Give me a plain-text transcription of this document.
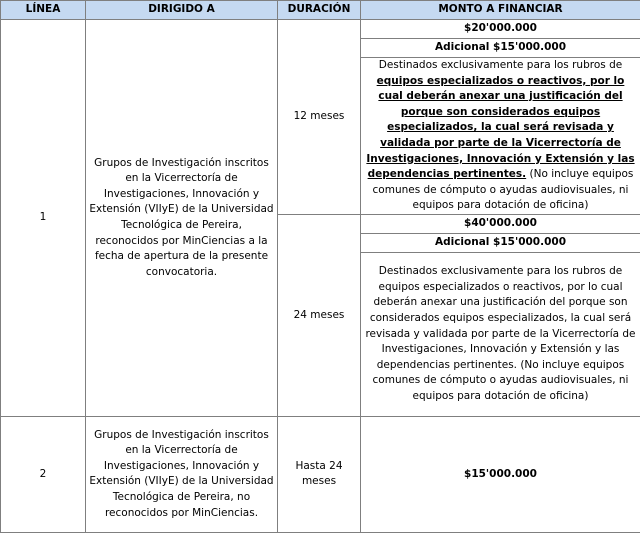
LÍNEA	DIRIGIDO A	DURACIÓN	MONTO A FINANCIAR
1	Grupos de Investigación inscritos en la Vicerrectoría de Investigaciones, Innovación y Extensión (VIIyE) de la Universidad Tecnológica de Pereira, reconocidos por MinCiencias a la fecha de apertura de la presente convocatoria.	12 meses	$20'000.000
			Adicional $15'000.000
			Destinados exclusivamente para los rubros de equipos especializados o reactivos, por lo cual deberán anexar una justificación del porque son considerados equipos especializados, la cual será revisada y validada por parte de la Vicerrectoría de Investigaciones, Innovación y Extensión y las dependencias pertinentes. (No incluye equipos comunes de cómputo o ayudas audiovisuales, ni equipos para dotación de oficina)
		24 meses	$40'000.000
			Adicional $15'000.000
			Destinados exclusivamente para los rubros de equipos especializados o reactivos, por lo cual deberán anexar una justificación del porque son considerados equipos especializados, la cual será revisada y validada por parte de la Vicerrectoría de Investigaciones, Innovación y Extensión y las dependencias pertinentes. (No incluye equipos comunes de cómputo o ayudas audiovisuales, ni equipos para dotación de oficina)
2	Grupos de Investigación inscritos en la Vicerrectoría de Investigaciones, Innovación y Extensión (VIIyE) de la Universidad Tecnológica de Pereira, no reconocidos por MinCiencias.	Hasta 24 meses	$15'000.000
